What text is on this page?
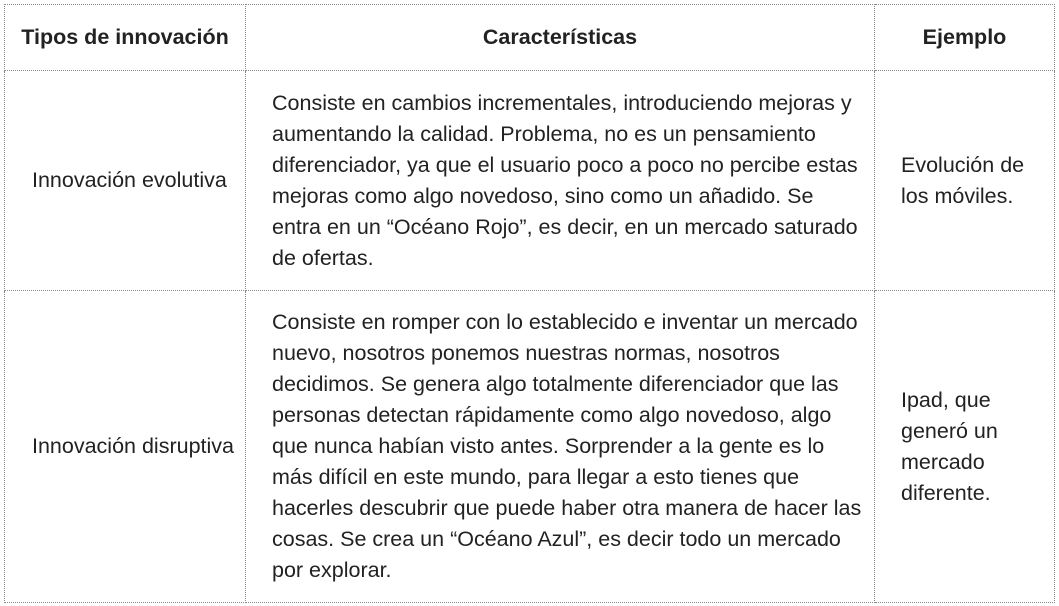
Tipos de innovación	Características	Ejemplo

Innovación evolutiva	Consiste en cambios incrementales, introduciendo mejoras y aumentando la calidad. Problema, no es un pensamiento diferenciador, ya que el usuario poco a poco no percibe estas mejoras como algo novedoso, sino como un añadido. Se entra en un “Océano Rojo”, es decir, en un mercado saturado de ofertas.	Evolución de los móviles.

Innovación disruptiva	Consiste en romper con lo establecido e inventar un mercado nuevo, nosotros ponemos nuestras normas, nosotros decidimos. Se genera algo totalmente diferenciador que las personas detectan rápidamente como algo novedoso, algo que nunca habían visto antes. Sorprender a la gente es lo más difícil en este mundo, para llegar a esto tienes que hacerles descubrir que puede haber otra manera de hacer las cosas. Se crea un “Océano Azul”, es decir todo un mercado por explorar.	Ipad, que generó un mercado diferente.
